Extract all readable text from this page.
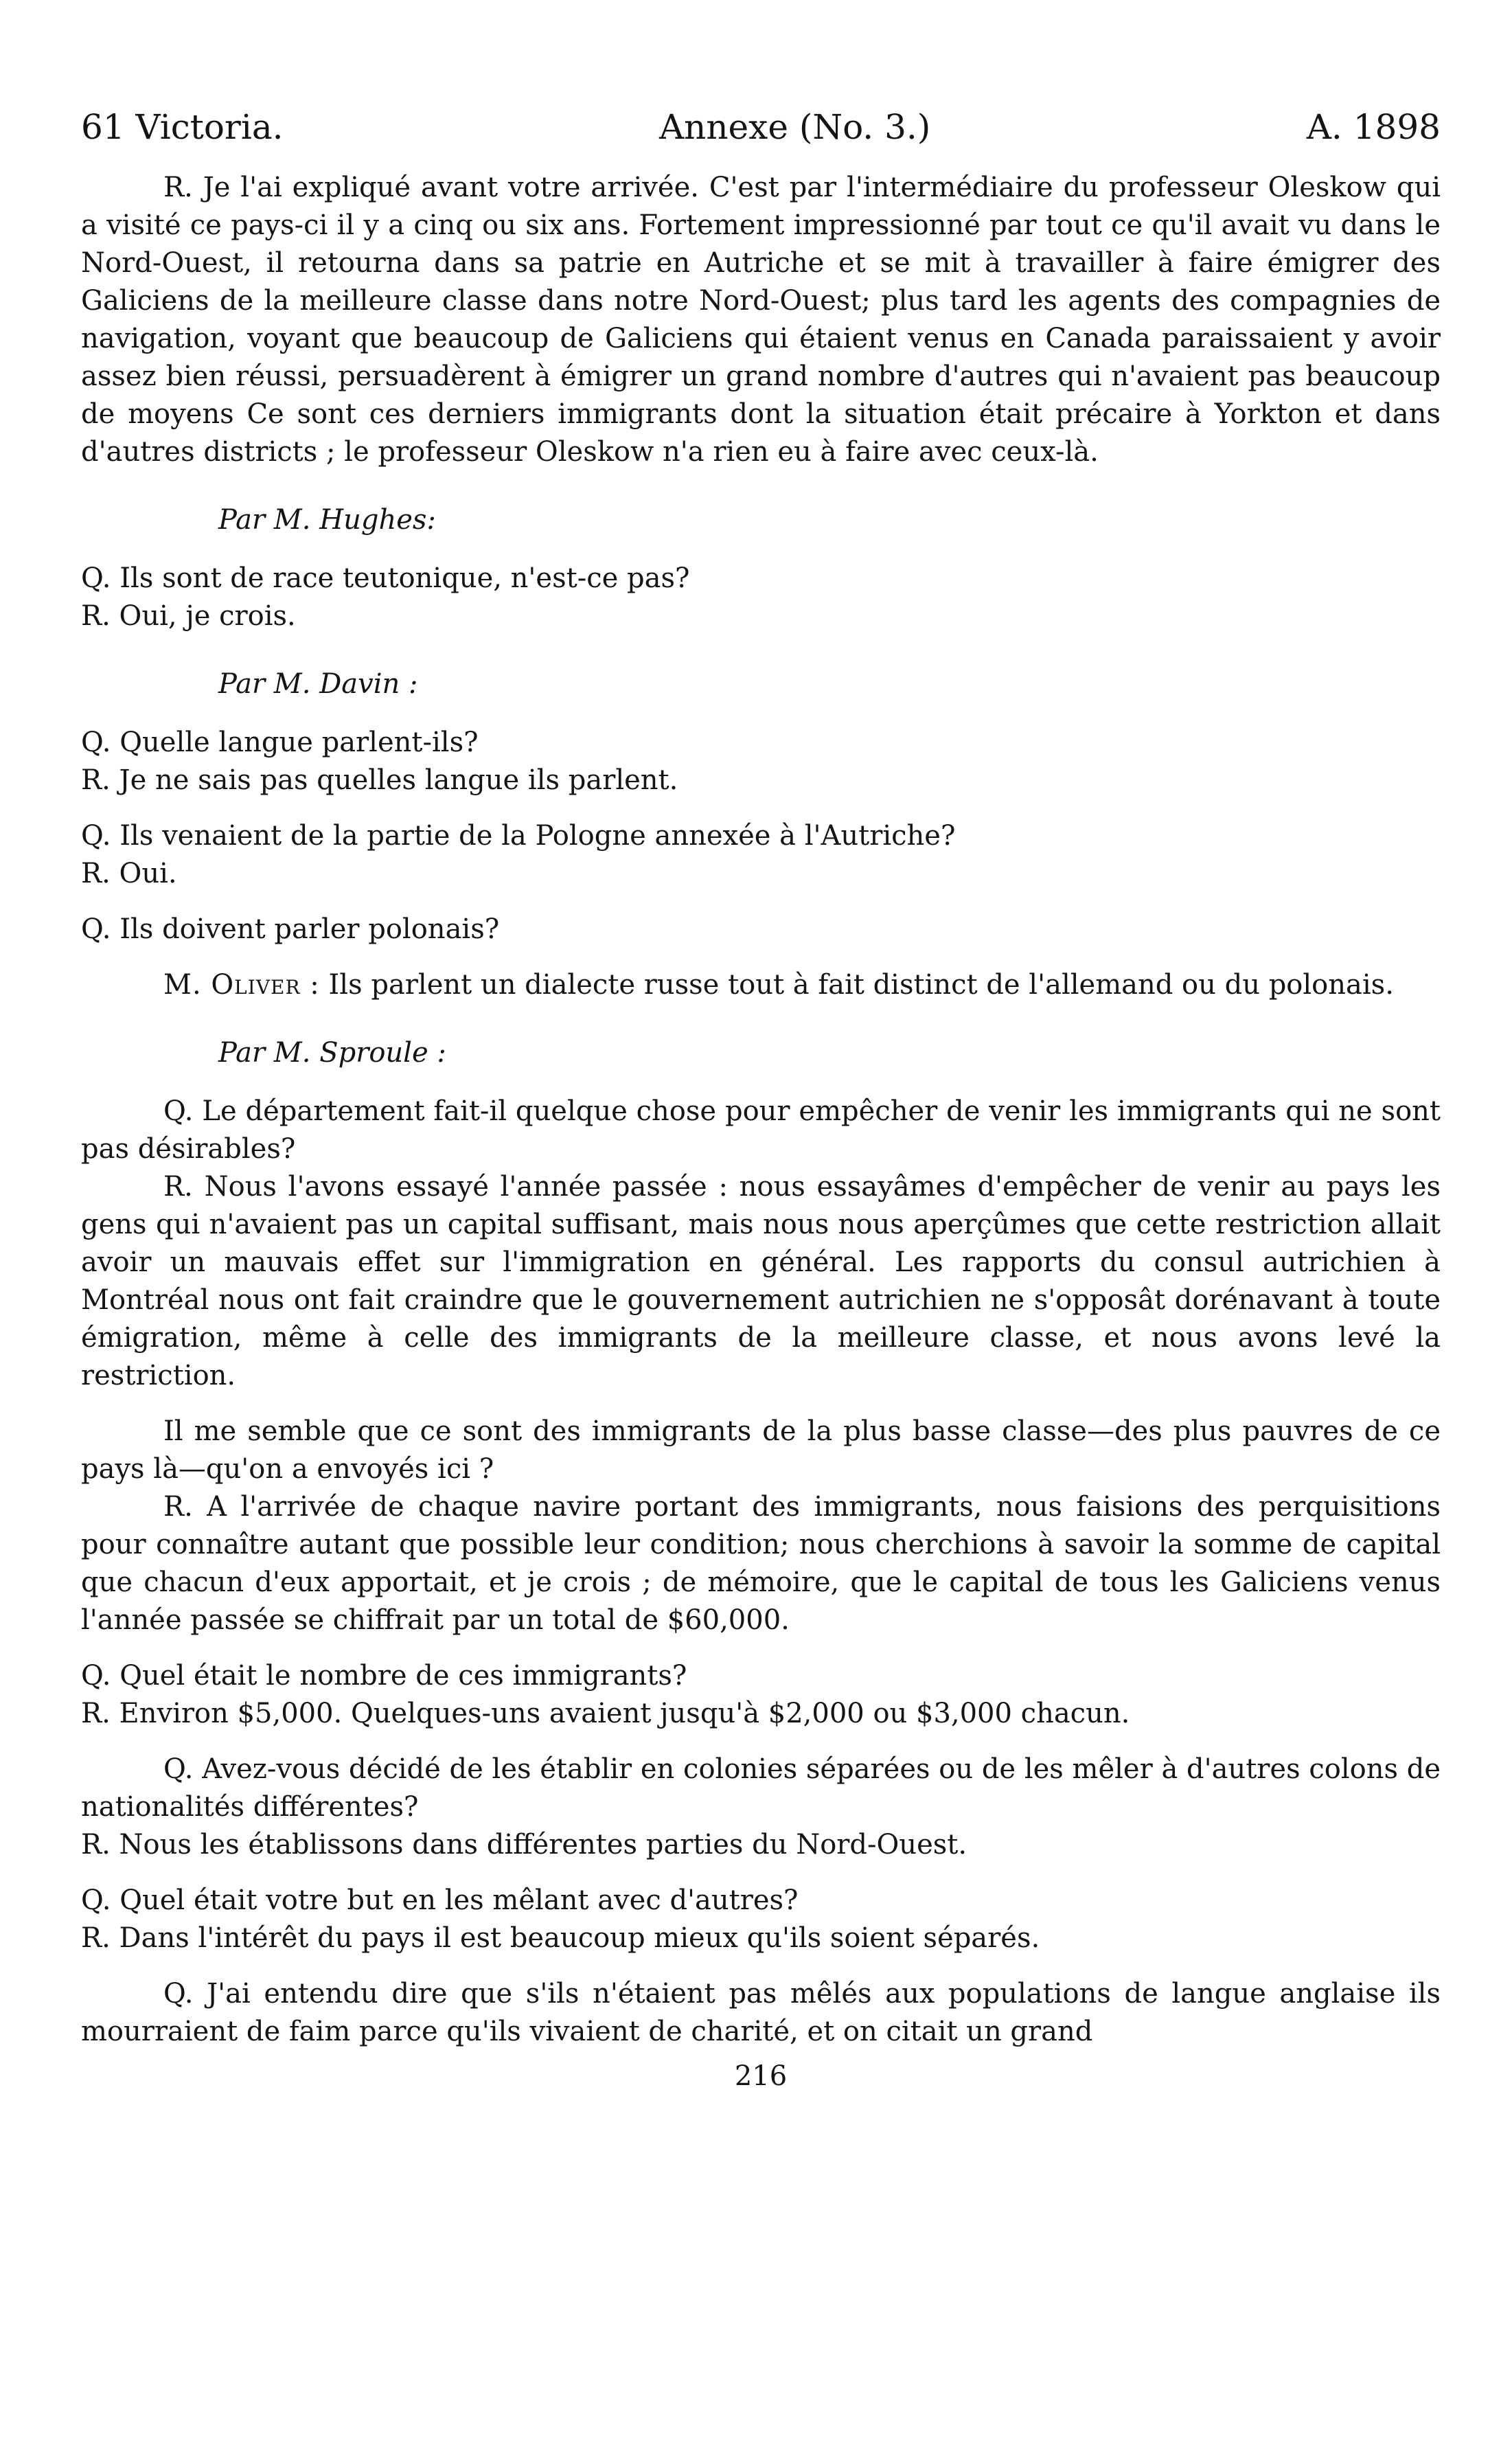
61 Victoria.	Annexe (No. 3.)	A. 1898

R. Je l'ai expliqué avant votre arrivée. C'est par l'intermédiaire du professeur Oleskow qui a visité ce pays-ci il y a cinq ou six ans. Fortement impressionné par tout ce qu'il avait vu dans le Nord-Ouest, il retourna dans sa patrie en Autriche et se mit à travailler à faire émigrer des Galiciens de la meilleure classe dans notre Nord-Ouest; plus tard les agents des compagnies de navigation, voyant que beaucoup de Galiciens qui étaient venus en Canada paraissaient y avoir assez bien réussi, persuadèrent à émigrer un grand nombre d'autres qui n'avaient pas beaucoup de moyens Ce sont ces derniers immigrants dont la situation était précaire à Yorkton et dans d'autres districts ; le professeur Oleskow n'a rien eu à faire avec ceux-là.

Par M. Hughes:

Q. Ils sont de race teutonique, n'est-ce pas?

R. Oui, je crois.

Par M. Davin :

Q. Quelle langue parlent-ils?

R. Je ne sais pas quelles langue ils parlent.

Q. Ils venaient de la partie de la Pologne annexée à l'Autriche?

R. Oui.

Q. Ils doivent parler polonais?

M. Oliver : Ils parlent un dialecte russe tout à fait distinct de l'allemand ou du polonais.

Par M. Sproule :

Q. Le département fait-il quelque chose pour empêcher de venir les immigrants qui ne sont pas désirables?

R. Nous l'avons essayé l'année passée : nous essayâmes d'empêcher de venir au pays les gens qui n'avaient pas un capital suffisant, mais nous nous aperçûmes que cette restriction allait avoir un mauvais effet sur l'immigration en général. Les rapports du consul autrichien à Montréal nous ont fait craindre que le gouvernement autrichien ne s'opposât dorénavant à toute émigration, même à celle des immigrants de la meilleure classe, et nous avons levé la restriction.

Il me semble que ce sont des immigrants de la plus basse classe—des plus pauvres de ce pays là—qu'on a envoyés ici ?

R. A l'arrivée de chaque navire portant des immigrants, nous faisions des perquisitions pour connaître autant que possible leur condition; nous cherchions à savoir la somme de capital que chacun d'eux apportait, et je crois ; de mémoire, que le capital de tous les Galiciens venus l'année passée se chiffrait par un total de $60,000.

Q. Quel était le nombre de ces immigrants?

R. Environ $5,000. Quelques-uns avaient jusqu'à $2,000 ou $3,000 chacun.

Q. Avez-vous décidé de les établir en colonies séparées ou de les mêler à d'autres colons de nationalités différentes?

R. Nous les établissons dans différentes parties du Nord-Ouest.

Q. Quel était votre but en les mêlant avec d'autres?

R. Dans l'intérêt du pays il est beaucoup mieux qu'ils soient séparés.

Q. J'ai entendu dire que s'ils n'étaient pas mêlés aux populations de langue anglaise ils mourraient de faim parce qu'ils vivaient de charité, et on citait un grand

216
